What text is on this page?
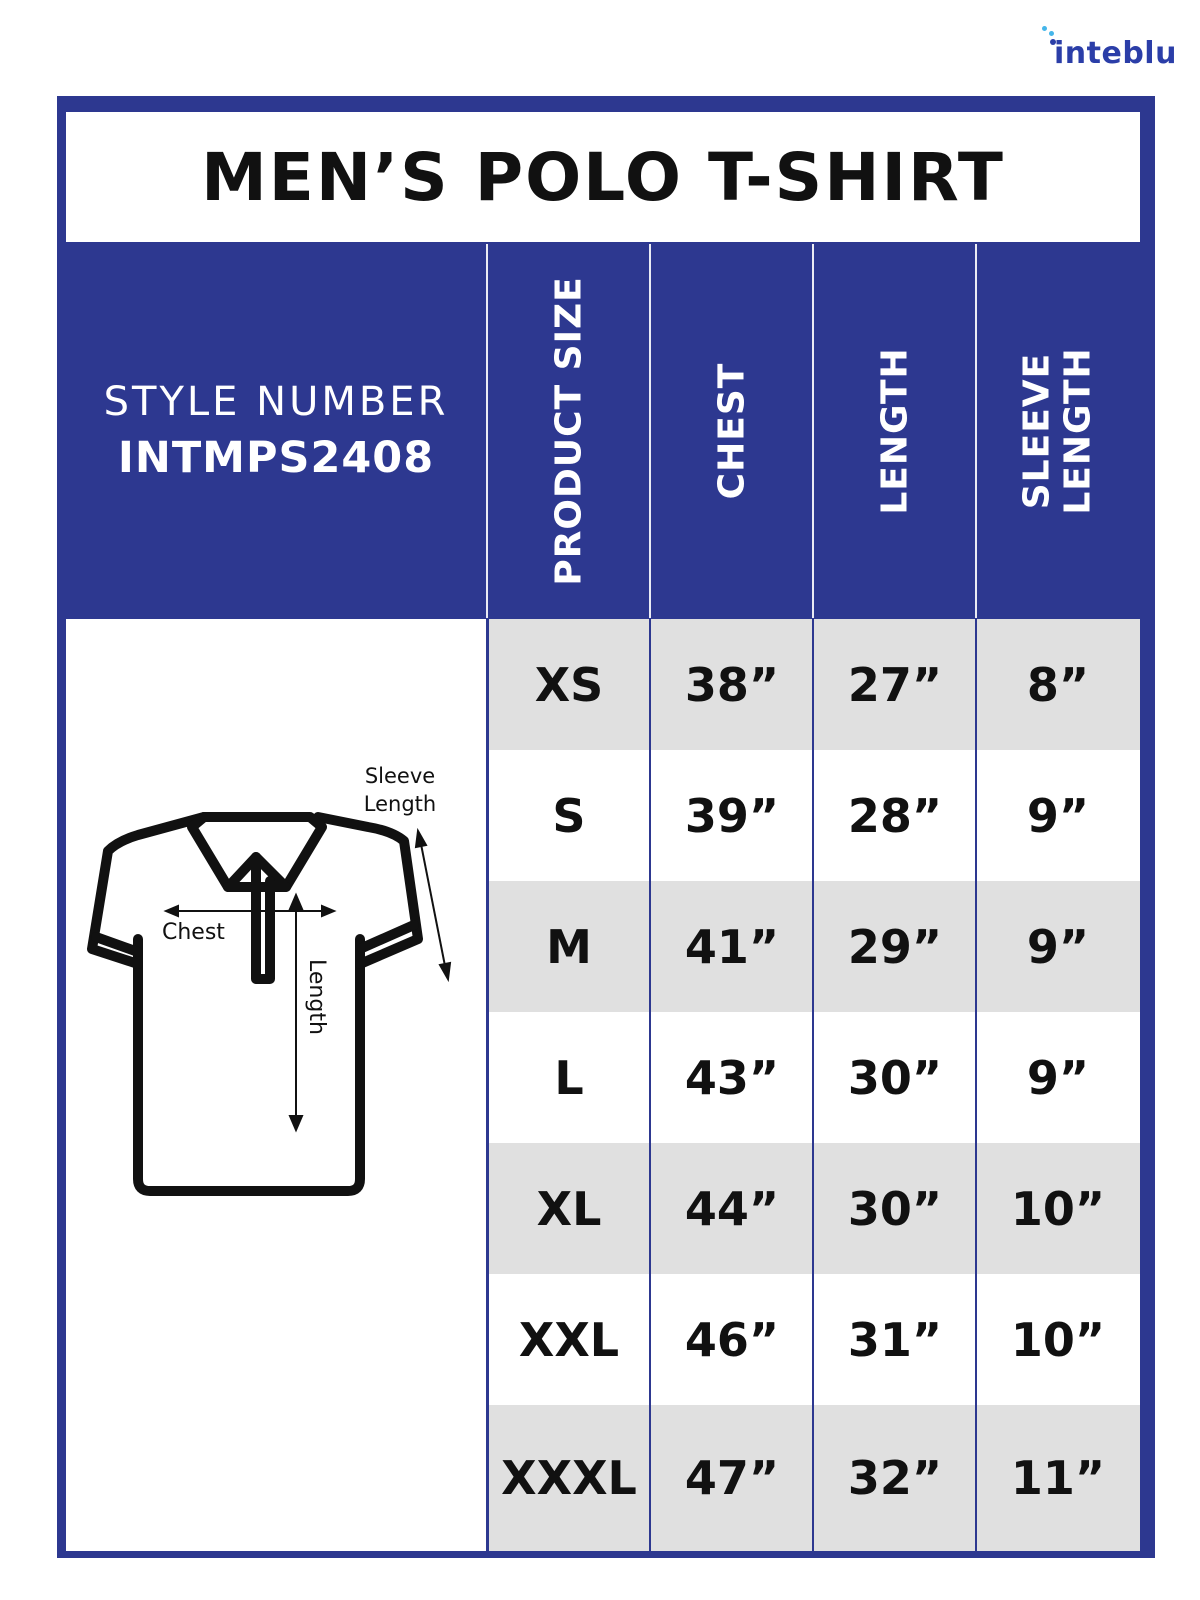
inteblu
MEN’S POLO T-SHIRT
STYLE NUMBER
INTMPS2408	PRODUCT SIZE	CHEST	LENGTH	SLEEVE LENGTH
Chest
Length
Sleeve
Length
XS	38”	27”	8”
S	39”	28”	9”
M	41”	29”	9”
L	43”	30”	9”
XL	44”	30”	10”
XXL	46”	31”	10”
XXXL	47”	32”	11”
